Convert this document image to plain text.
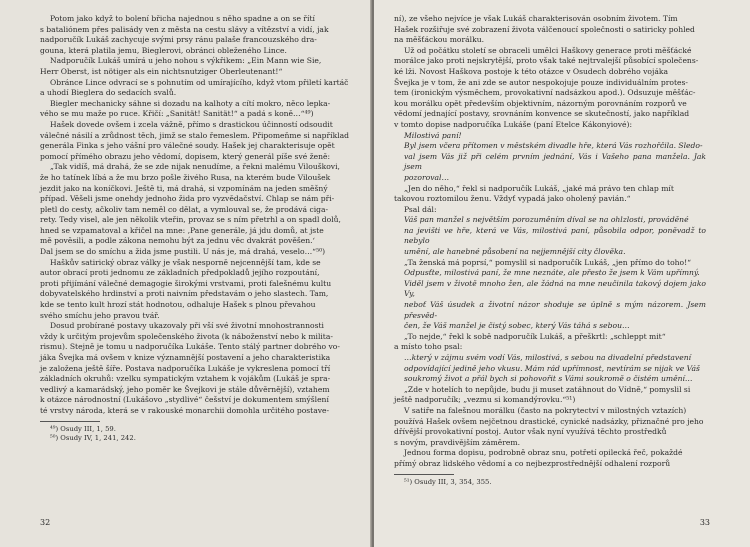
Potom jako když to bolení břicha najednou s něho spadne a on se řítí
s bataliónem přes palisády ven z města na cestu slávy a vítězství a vidí, jak
nadporučík Lukáš zachycuje svými prsy ránu palaše francouzského dra-
gouna, která platila jemu, Bieglerovi, obránci obleženého Lince.
Nadporučík Lukáš umírá u jeho nohou s výkřikem: „Ein Mann wie Sie,
Herr Oberst, ist nötiger als ein nichtsnutziger Oberleutenant!“
Obránce Lince odvrací se s pohnutím od umírajícího, když vtom přiletí kartáč
a uhodí Bieglera do sedacích svalů.
Biegler mechanicky sáhne si dozadu na kalhoty a cítí mokro, něco lepka-
vého se mu maže po ruce. Křičí: „Sanität! Sanität!“ a padá s koně…“⁴⁹)
Hašek dovede ovšem i zcela vážně, přímo s drastickou účinností odsoudit
válečné násilí a zrůdnost těch, jimž se stalo řemeslem. Připomeňme si například
generála Finka s jeho vášní pro válečné soudy. Hašek jej charakterisuje opět
pomocí přímého obrazu jeho vědomí, dopisem, který generál píše své ženě:
„Tak vidíš, má drahá, že se zde nijak nenudíme, a řekni malému Vilouškovi,
že ho tatínek líbá a že mu brzo pošle živého Rusa, na kterém bude Viloušek
jezdit jako na koníčkovi. Ještě ti, má drahá, si vzpomínám na jeden směšný
případ. Věšeli jsme onehdy jednoho žida pro vyzvědačství. Chlap se nám při-
pletl do cesty, ačkoliv tam neměl co dělat, a vymlouval se, že prodává ciga-
rety. Tedy visel, ale jen několik vteřin, provaz se s ním přetrhl a on spadl dolů,
hned se vzpamatoval a křičel na mne: ‚Pane generále, já jdu domů, at jste
mě pověsili, a podle zákona nemohu být za jednu věc dvakrát pověšen.‘
Dal jsem se do smíchu a žida jsme pustili. U nás je, má drahá, veselo…“⁵⁰)
Haškův satirický obraz války je však nesporně nejcennější tam, kde se
autor obrací proti jednomu ze základních předpokladů jejího rozpoutání,
proti přijímání válečné demagogie širokými vrstvami, proti falešnému kultu
dobyvatelského hrdinství a proti naivním představám o jeho slastech. Tam,
kde se tento kult hrozí stát hodnotou, odhaluje Hašek s plnou převahou
svého smíchu jeho pravou tvář.
Dosud probírané postavy ukazovaly při vší své životní mnohostrannosti
vždy k určitým projevům společenského života (k náboženství nebo k milita-
rismu). Stejně je tomu u nadporučíka Lukáše. Tento stálý partner dobrého vo-
jáka Švejka má ovšem v knize významnější postavení a jeho charakteristika
je založena ještě šíře. Postava nadporučíka Lukáše je vykreslena pomocí tří
základních okruhů: vzelku sympatickým vztahem k vojákům (Lukáš je spra-
vedlivý a kamarádský, jeho poměr ke Švejkovi je stále důvěrnější), vztahem
k otázce národnostní (Lukášovo „stydlivé“ češství je dokumentem smýšlení
té vrstvy národa, která se v rakouské monarchii domohla určitého postave-
⁴⁹) Osudy III, 1, 59.
⁵⁰) Osudy IV, 1, 241, 242.
32
ní), ze všeho nejvíce je však Lukáš charakterisován osobním životem. Tím
Hašek rozšiřuje své zobrazení života válčenoucí společnosti o satiricky pohled
na měšťáckou morálku.
Už od počátku století se obraceli umělci Haškovy generace proti měšťácké
morálce jako proti nejskrytější, proto však také nejtrvalejší působící společens-
ké lži. Novost Haškova postoje k této otázce v Osudech dobrého vojáka
Švejka je v tom, že ani zde se autor nespokojuje pouze individuálním protes-
tem (ironickým výsměchem, provokativní nadsázkou apod.). Odsuzuje měšťác-
kou morálku opět především objektivním, názorným porovnáním rozporů ve
vědomí jednající postavy, srovnáním konvence se skutečností, jako například
v tomto dopise nadporučíka Lukáše (paní Etelce Kákonyiové):
Milostivá paní!
Byl jsem včera přítomen v městském divadle hře, která Vás rozhořčila. Sledo-
val jsem Vás již při celém prvním jednání, Vás i Vašeho pana manžela. Jak jsem
pozoroval…
„Jen do něho,“ řekl si nadporučík Lukáš, „jaké má právo ten chlap mít
takovou roztomilou ženu. Vždyť vypadá jako oholený pavián.“
Psal dál:
Váš pan manžel s největším porozuměním díval se na ohlzlosti, prováděné
na jevišti ve hře, která ve Vás, milostivá paní, působila odpor, poněvadž to nebylo
umění, ale hanebné působení na nejjemnější city člověka.
„Ta ženská má poprsí,“ pomyslil si nadporučík Lukáš, „jen přímo do toho!“
Odpusťte, milostivá paní, že mne neznáte, ale přesto že jsem k Vám upřímný.
Viděl jsem v životě mnoho žen, ale žádná na mne neučinila takový dojem jako Vy,
neboť Váš úsudek a životní názor shoduje se úplně s mým názorem. Jsem přesvěd-
čen, že Váš manžel je čistý sobec, který Vás táhá s sebou…
„To nejde,“ řekl k sobě nadporučík Lukáš, a přeškrtl: „schleppt mit“
a místo toho psal:
…který v zájmu svém vodí Vás, milostivá, s sebou na divadelní představení
odpovídající jedině jeho vkusu. Mám rád upřímnost, nevtírám se nijak ve Váš
soukromý život a přál bych si pohovořit s Vámi soukromě o čistém umění…
„Zde v hotelích to nepůjde, budu ji muset zatáhnout do Vídně,“ pomyslil si
ještě nadporučík; „vezmu si komandýrovku.“⁵¹)
V satiře na falešnou morálku (často na pokrytectví v milostných vztazích)
používá Hašek ovšem nejčetnou drastické, cynické nadsázky, přiznačné pro jeho
dřívější provokativní postoj. Autor však nyní využívá těchto prostředků
s novým, pravdivějším záměrem.
Jednou forma dopisu, podrobně obraz snu, potřetí opilecká řeč, pokaždé
přímý obraz lidského vědomí a co nejbezprostřednější odhalení rozporů
⁵¹) Osudy III, 3, 354, 355.
33
